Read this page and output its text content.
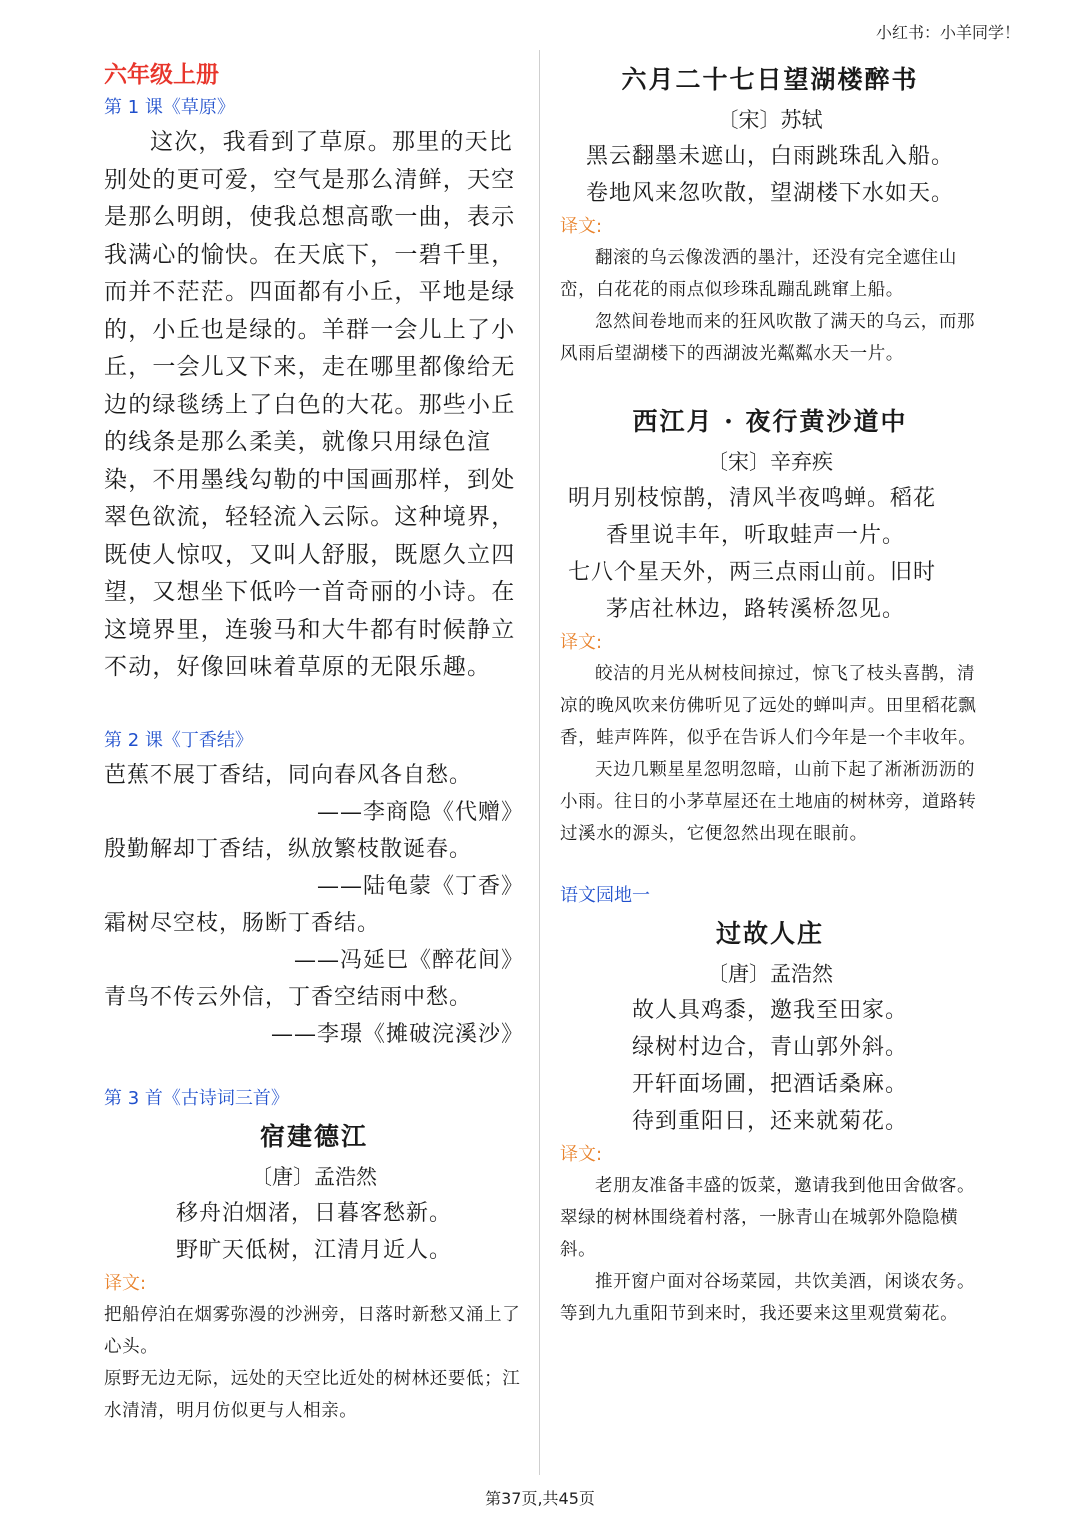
小红书：小羊同学！
六年级上册
第 1 课《草原》

这次，我看到了草原。那里的天比别处的更可爱，空气是那么清鲜，天空是那么明朗，使我总想高歌一曲，表示我满心的愉快。在天底下，一碧千里，而并不茫茫。四面都有小丘，平地是绿的，小丘也是绿的。羊群一会儿上了小丘，一会儿又下来，走在哪里都像给无边的绿毯绣上了白色的大花。那些小丘的线条是那么柔美，就像只用绿色渲染，不用墨线勾勒的中国画那样，到处翠色欲流，轻轻流入云际。这种境界，既使人惊叹，又叫人舒服，既愿久立四望，又想坐下低吟一首奇丽的小诗。在这境界里，连骏马和大牛都有时候静立不动，好像回味着草原的无限乐趣。

第 2 课《丁香结》

芭蕉不展丁香结，同向春风各自愁。

——李商隐《代赠》

殷勤解却丁香结，纵放繁枝散诞春。

——陆龟蒙《丁香》

霜树尽空枝，肠断丁香结。

——冯延巳《醉花间》

青鸟不传云外信，丁香空结雨中愁。

——李璟《摊破浣溪沙》

第 3 首《古诗词三首》
宿建德江
〔唐〕孟浩然

移舟泊烟渚，日暮客愁新。

野旷天低树，江清月近人。

译文:

把船停泊在烟雾弥漫的沙洲旁，日落时新愁又涌上了心头。

原野无边无际，远处的天空比近处的树林还要低；江水清清，明月仿似更与人相亲。

六月二十七日望湖楼醉书
〔宋〕苏轼

黑云翻墨未遮山，白雨跳珠乱入船。

卷地风来忽吹散，望湖楼下水如天。

译文:

翻滚的乌云像泼洒的墨汁，还没有完全遮住山峦，白花花的雨点似珍珠乱蹦乱跳窜上船。

忽然间卷地而来的狂风吹散了满天的乌云，而那风雨后望湖楼下的西湖波光粼粼水天一片。

西江月 · 夜行黄沙道中
〔宋〕辛弃疾

明月别枝惊鹊，清风半夜鸣蝉。稻花

香里说丰年，听取蛙声一片。

七八个星天外，两三点雨山前。旧时

茅店社林边，路转溪桥忽见。

译文:

皎洁的月光从树枝间掠过，惊飞了枝头喜鹊，清凉的晚风吹来仿佛听见了远处的蝉叫声。田里稻花飘香，蛙声阵阵，似乎在告诉人们今年是一个丰收年。

天边几颗星星忽明忽暗，山前下起了淅淅沥沥的小雨。往日的小茅草屋还在土地庙的树林旁，道路转过溪水的源头，它便忽然出现在眼前。

语文园地一
过故人庄
〔唐〕孟浩然

故人具鸡黍，邀我至田家。

绿树村边合，青山郭外斜。

开轩面场圃，把酒话桑麻。

待到重阳日，还来就菊花。

译文:

老朋友准备丰盛的饭菜，邀请我到他田舍做客。翠绿的树林围绕着村落，一脉青山在城郭外隐隐横斜。

推开窗户面对谷场菜园，共饮美酒，闲谈农务。等到九九重阳节到来时，我还要来这里观赏菊花。

第37页,共45页
